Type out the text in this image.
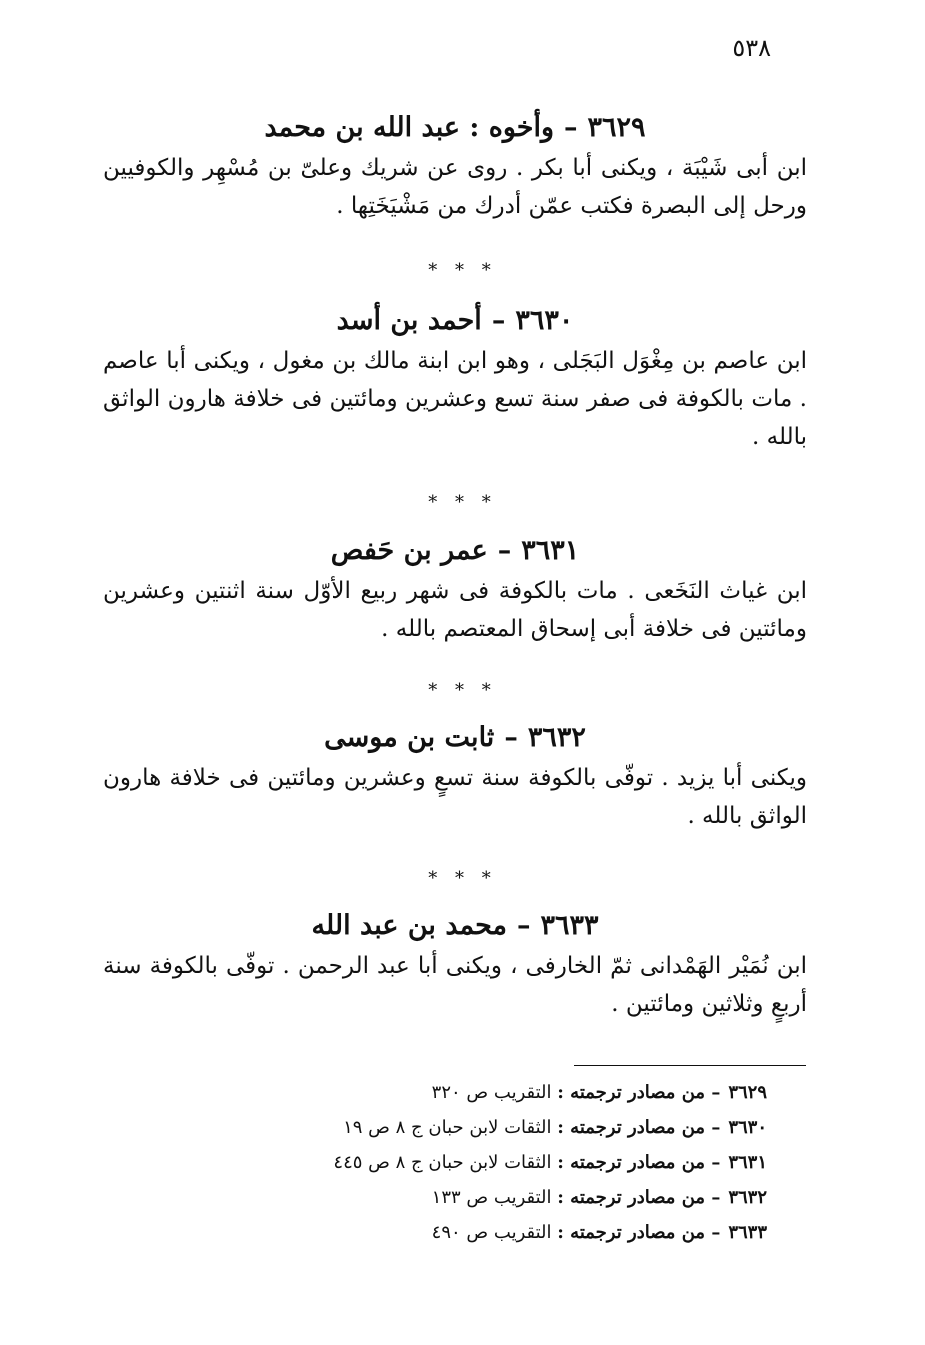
٥٣٨
٣٦٢٩–وأخوه : عبد الله بن محمد

ابن أبى شَيْبَة ، ويكنى أبا بكر . روى عن شريك وعلىّ بن مُسْهِر والكوفيين ورحل إلى البصرة فكتب عمّن أدرك من مَشْيَخَتِها .

* * *
٣٦٣٠–أحمد بن أسد

ابن عاصم بن مِغْوَل البَجَلى ، وهو ابن ابنة مالك بن مغول ، ويكنى أبا عاصم . مات بالكوفة فى صفر سنة تسع وعشرين ومائتين فى خلافة هارون الواثق بالله .

* * *
٣٦٣١–عمر بن حَفص

ابن غياث النَخَعى . مات بالكوفة فى شهر ربيع الأوّل سنة اثنتين وعشرين ومائتين فى خلافة أبى إسحاق المعتصم بالله .

* * *
٣٦٣٢–ثابت بن موسى

ويكنى أبا يزيد . توفّى بالكوفة سنة تسعٍ وعشرين ومائتين فى خلافة هارون الواثق بالله .

* * *
٣٦٣٣–محمد بن عبد الله

ابن نُمَيْر الهَمْدانى ثمّ الخارفى ، ويكنى أبا عبد الرحمن . توفّى بالكوفة سنة أربعٍ وثلاثين ومائتين .

٣٦٢٩– من مصادر ترجمته : التقريب ص ٣٢٠
٣٦٣٠– من مصادر ترجمته : الثقات لابن حبان ج ٨ ص ١٩
٣٦٣١– من مصادر ترجمته : الثقات لابن حبان ج ٨ ص ٤٤٥
٣٦٣٢– من مصادر ترجمته : التقريب ص ١٣٣
٣٦٣٣– من مصادر ترجمته : التقريب ص ٤٩٠
